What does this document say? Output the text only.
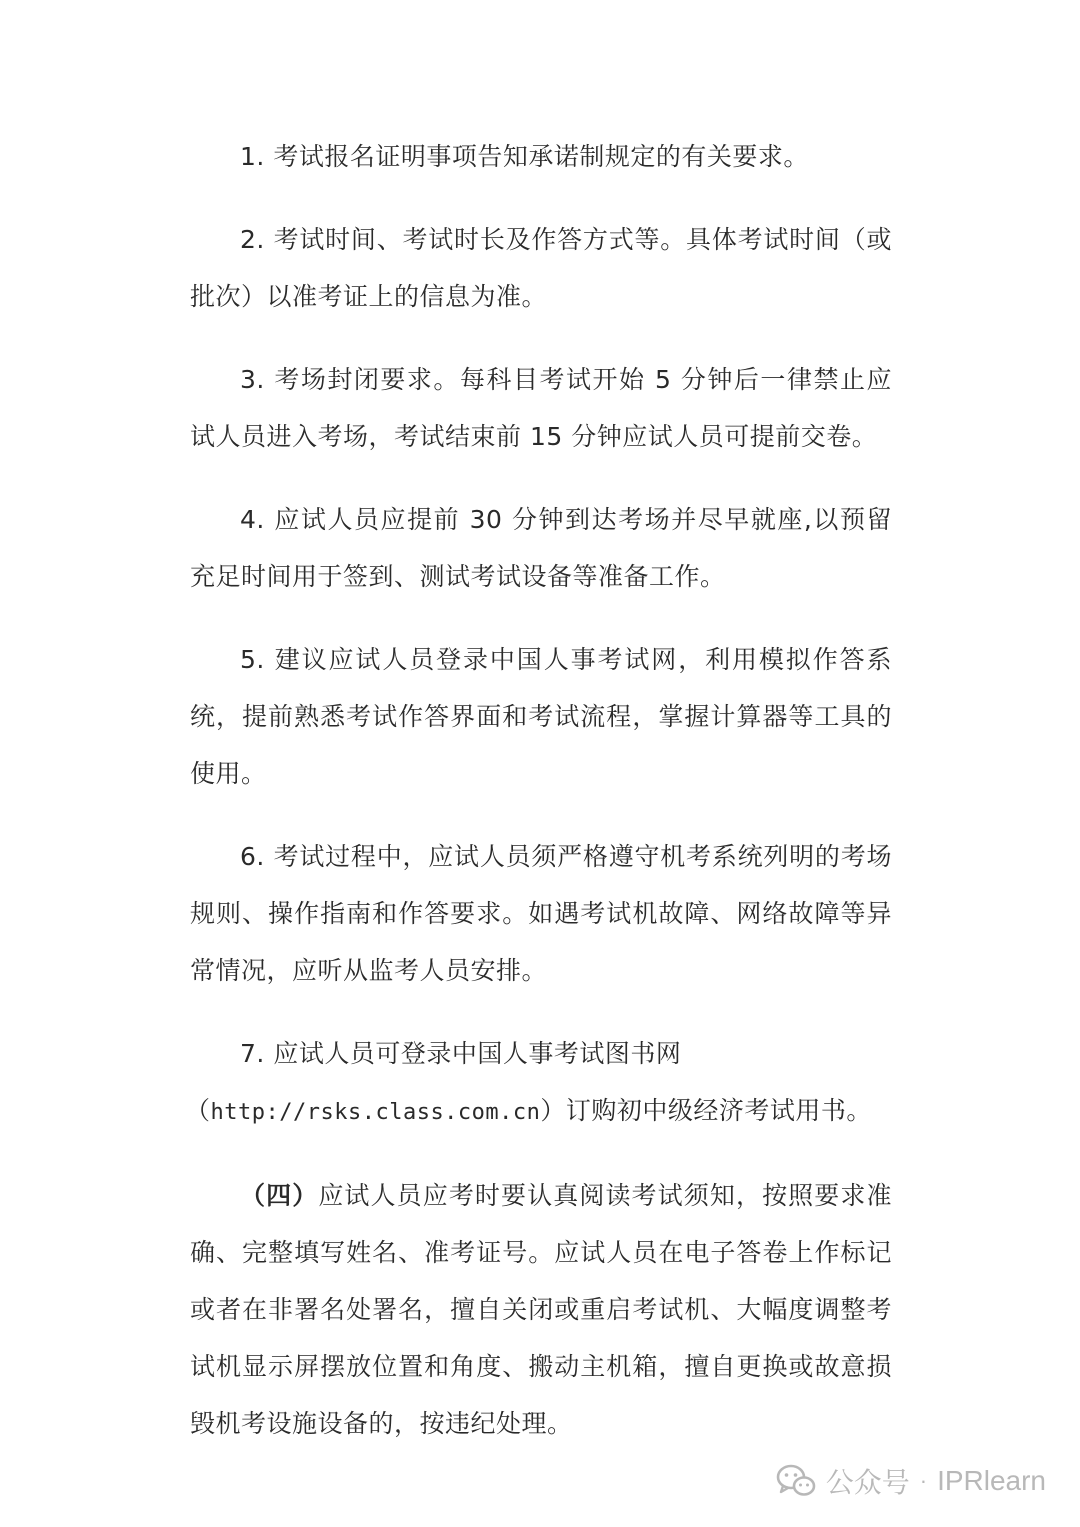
1. 考试报名证明事项告知承诺制规定的有关要求。

2. 考试时间、考试时长及作答方式等。具体考试时间（或批次）以准考证上的信息为准。

3. 考场封闭要求。每科目考试开始 5 分钟后一律禁止应试人员进入考场，考试结束前 15 分钟应试人员可提前交卷。

4. 应试人员应提前 30 分钟到达考场并尽早就座,以预留充足时间用于签到、测试考试设备等准备工作。

5. 建议应试人员登录中国人事考试网，利用模拟作答系统，提前熟悉考试作答界面和考试流程，掌握计算器等工具的使用。

6. 考试过程中，应试人员须严格遵守机考系统列明的考场规则、操作指南和作答要求。如遇考试机故障、网络故障等异常情况，应听从监考人员安排。

7. 应试人员可登录中国人事考试图书网
（http://rsks.class.com.cn）订购初中级经济考试用书。

（四）应试人员应考时要认真阅读考试须知，按照要求准确、完整填写姓名、准考证号。应试人员在电子答卷上作标记或者在非署名处署名，擅自关闭或重启考试机、大幅度调整考试机显示屏摆放位置和角度、搬动主机箱，擅自更换或故意损毁机考设施设备的，按违纪处理。

公众号 · IPRlearn
